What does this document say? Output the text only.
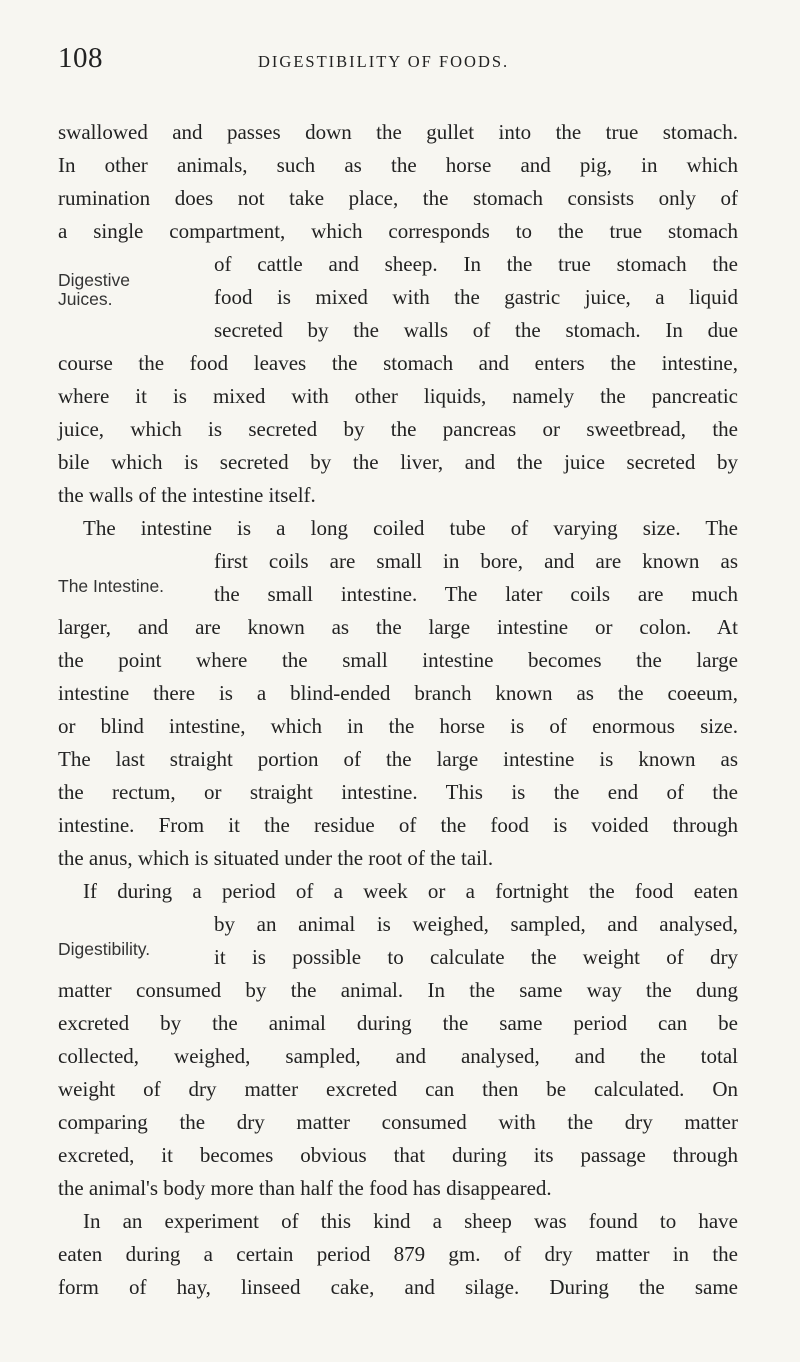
108	DIGESTIBILITY OF FOODS.
swallowed and passes down the gullet into the true stomach.
In other animals, such as the horse and pig, in which
rumination does not take place, the stomach consists only of
a single compartment, which corresponds to the true stomach
of cattle and sheep. In the true stomach the
food is mixed with the gastric juice, a liquid
secreted by the walls of the stomach. In due
course the food leaves the stomach and enters the intestine,
where it is mixed with other liquids, namely the pancreatic
juice, which is secreted by the pancreas or sweetbread, the
bile which is secreted by the liver, and the juice secreted by
the walls of the intestine itself.
The intestine is a long coiled tube of varying size. The
first coils are small in bore, and are known as
the small intestine. The later coils are much
larger, and are known as the large intestine or colon. At
the point where the small intestine becomes the large
intestine there is a blind-ended branch known as the coeeum,
or blind intestine, which in the horse is of enormous size.
The last straight portion of the large intestine is known as
the rectum, or straight intestine. This is the end of the
intestine. From it the residue of the food is voided through
the anus, which is situated under the root of the tail.
If during a period of a week or a fortnight the food eaten
by an animal is weighed, sampled, and analysed,
it is possible to calculate the weight of dry
matter consumed by the animal. In the same way the dung
excreted by the animal during the same period can be
collected, weighed, sampled, and analysed, and the total
weight of dry matter excreted can then be calculated. On
comparing the dry matter consumed with the dry matter
excreted, it becomes obvious that during its passage through
the animal's body more than half the food has disappeared.
In an experiment of this kind a sheep was found to have
eaten during a certain period 879 gm. of dry matter in the
form of hay, linseed cake, and silage. During the same
Digestive
Juices.
The Intestine.
Digestibility.
